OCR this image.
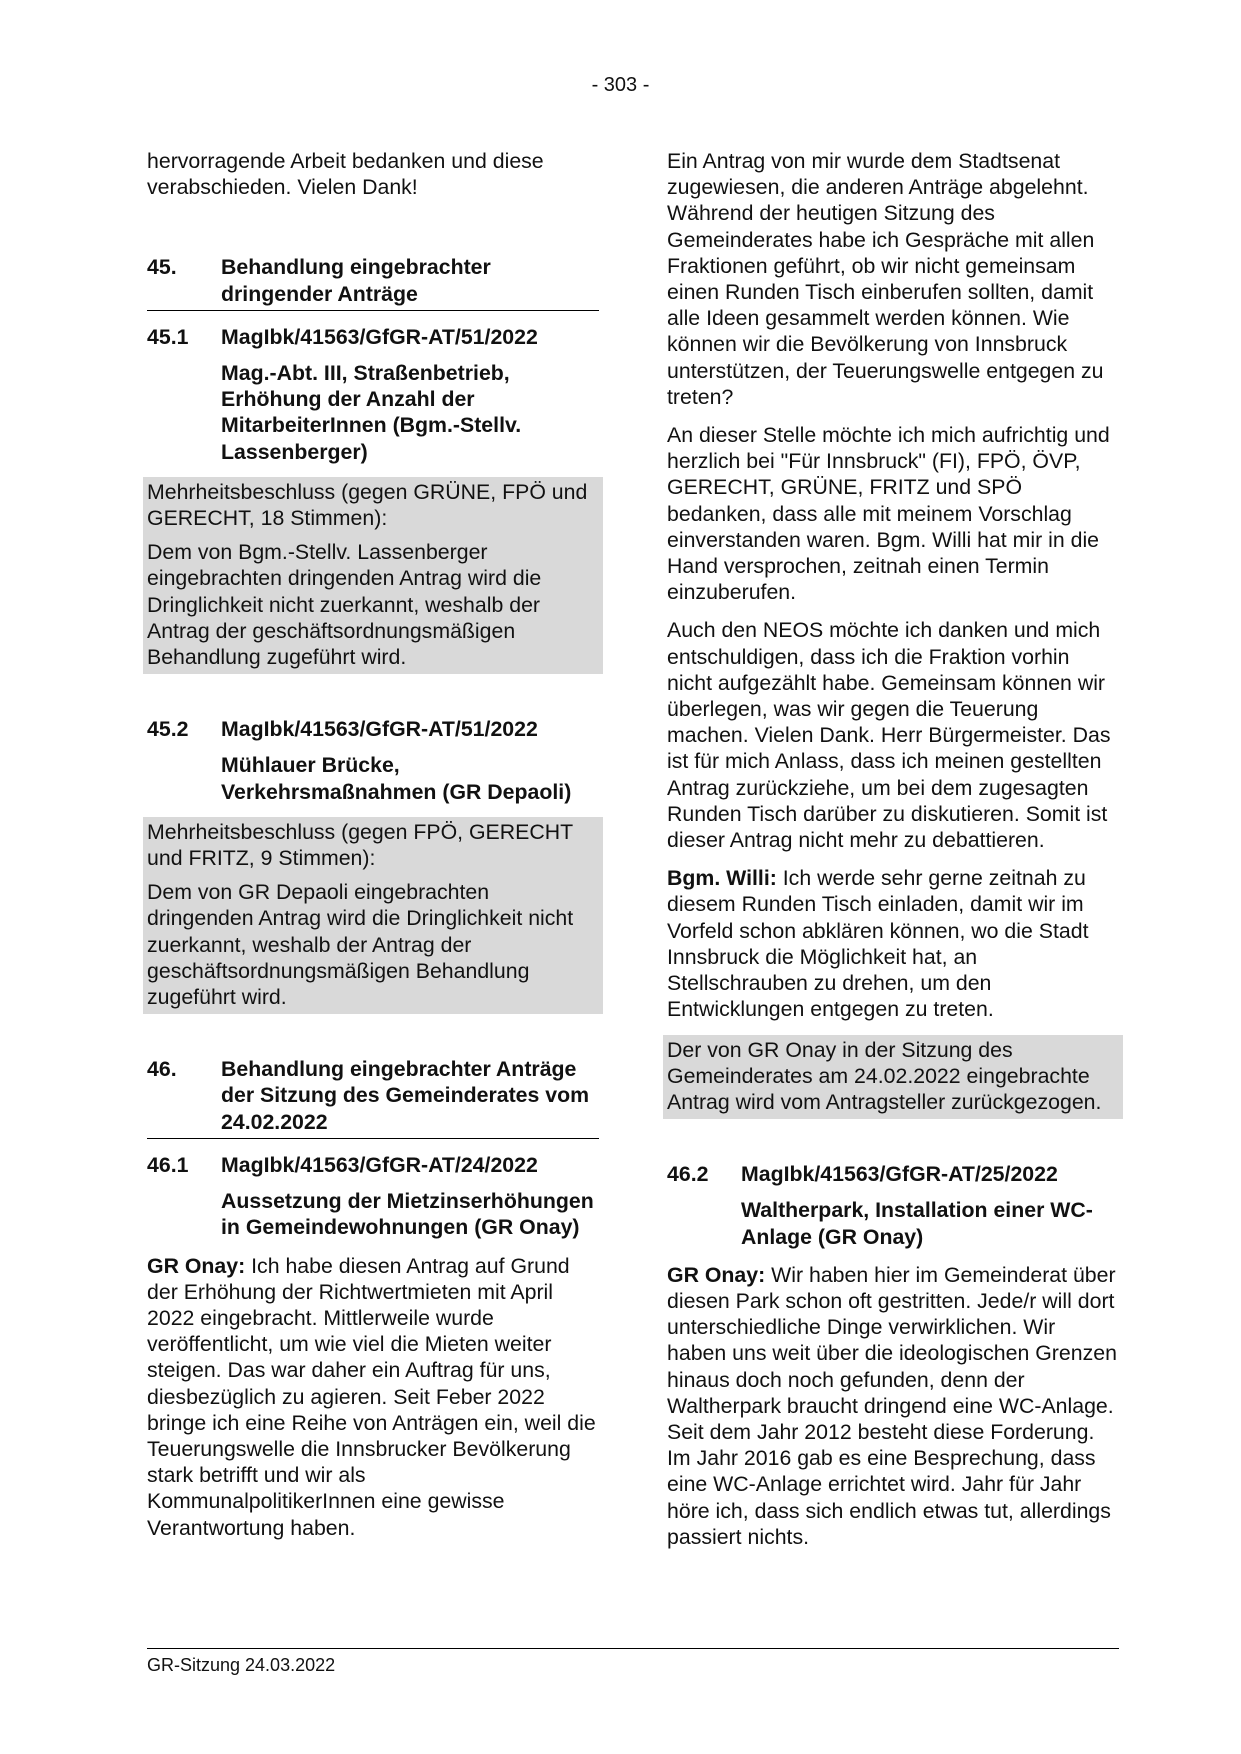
- 303 -

hervorragende Arbeit bedanken und diese verabschieden. Vielen Dank!

45.	Behandlung eingebrachter dringender Anträge
45.1	MagIbk/41563/GfGR-AT/51/2022
Mag.-Abt. III, Straßenbetrieb, Erhöhung der Anzahl der MitarbeiterInnen (Bgm.-Stellv. Lassenberger)

Mehrheitsbeschluss (gegen GRÜNE, FPÖ und GERECHT, 18 Stimmen):

Dem von Bgm.-Stellv. Lassenberger eingebrachten dringenden Antrag wird die Dringlichkeit nicht zuerkannt, weshalb der Antrag der geschäftsordnungsmäßigen Behandlung zugeführt wird.

45.2	MagIbk/41563/GfGR-AT/51/2022
Mühlauer Brücke, Verkehrsmaßnahmen (GR Depaoli)

Mehrheitsbeschluss (gegen FPÖ, GERECHT und FRITZ, 9 Stimmen):

Dem von GR Depaoli eingebrachten dringenden Antrag wird die Dringlichkeit nicht zuerkannt, weshalb der Antrag der geschäftsordnungsmäßigen Behandlung zugeführt wird.

46.	Behandlung eingebrachter Anträge der Sitzung des Gemeinderates vom 24.02.2022
46.1	MagIbk/41563/GfGR-AT/24/2022
Aussetzung der Mietzinserhöhungen in Gemeindewohnungen (GR Onay)

GR Onay: Ich habe diesen Antrag auf Grund der Erhöhung der Richtwertmieten mit April 2022 eingebracht. Mittlerweile wurde veröffentlicht, um wie viel die Mieten weiter steigen. Das war daher ein Auftrag für uns, diesbezüglich zu agieren. Seit Feber 2022 bringe ich eine Reihe von Anträgen ein, weil die Teuerungswelle die Innsbrucker Bevölkerung stark betrifft und wir als KommunalpolitikerInnen eine gewisse Verantwortung haben.

Ein Antrag von mir wurde dem Stadtsenat zugewiesen, die anderen Anträge abgelehnt. Während der heutigen Sitzung des Gemeinderates habe ich Gespräche mit allen Fraktionen geführt, ob wir nicht gemeinsam einen Runden Tisch einberufen sollten, damit alle Ideen gesammelt werden können. Wie können wir die Bevölkerung von Innsbruck unterstützen, der Teuerungswelle entgegen zu treten?

An dieser Stelle möchte ich mich aufrichtig und herzlich bei "Für Innsbruck" (FI), FPÖ, ÖVP, GERECHT, GRÜNE, FRITZ und SPÖ bedanken, dass alle mit meinem Vorschlag einverstanden waren. Bgm. Willi hat mir in die Hand versprochen, zeitnah einen Termin einzuberufen.

Auch den NEOS möchte ich danken und mich entschuldigen, dass ich die Fraktion vorhin nicht aufgezählt habe. Gemeinsam können wir überlegen, was wir gegen die Teuerung machen. Vielen Dank. Herr Bürgermeister. Das ist für mich Anlass, dass ich meinen gestellten Antrag zurückziehe, um bei dem zugesagten Runden Tisch darüber zu diskutieren. Somit ist dieser Antrag nicht mehr zu debattieren.

Bgm. Willi: Ich werde sehr gerne zeitnah zu diesem Runden Tisch einladen, damit wir im Vorfeld schon abklären können, wo die Stadt Innsbruck die Möglichkeit hat, an Stellschrauben zu drehen, um den Entwicklungen entgegen zu treten.

Der von GR Onay in der Sitzung des Gemeinderates am 24.02.2022 eingebrachte Antrag wird vom Antragsteller zurückgezogen.

46.2	MagIbk/41563/GfGR-AT/25/2022
Waltherpark, Installation einer WC-Anlage (GR Onay)

GR Onay: Wir haben hier im Gemeinderat über diesen Park schon oft gestritten. Jede/r will dort unterschiedliche Dinge verwirklichen. Wir haben uns weit über die ideologischen Grenzen hinaus doch noch gefunden, denn der Waltherpark braucht dringend eine WC-Anlage. Seit dem Jahr 2012 besteht diese Forderung. Im Jahr 2016 gab es eine Besprechung, dass eine WC-Anlage errichtet wird. Jahr für Jahr höre ich, dass sich endlich etwas tut, allerdings passiert nichts.

GR-Sitzung 24.03.2022
